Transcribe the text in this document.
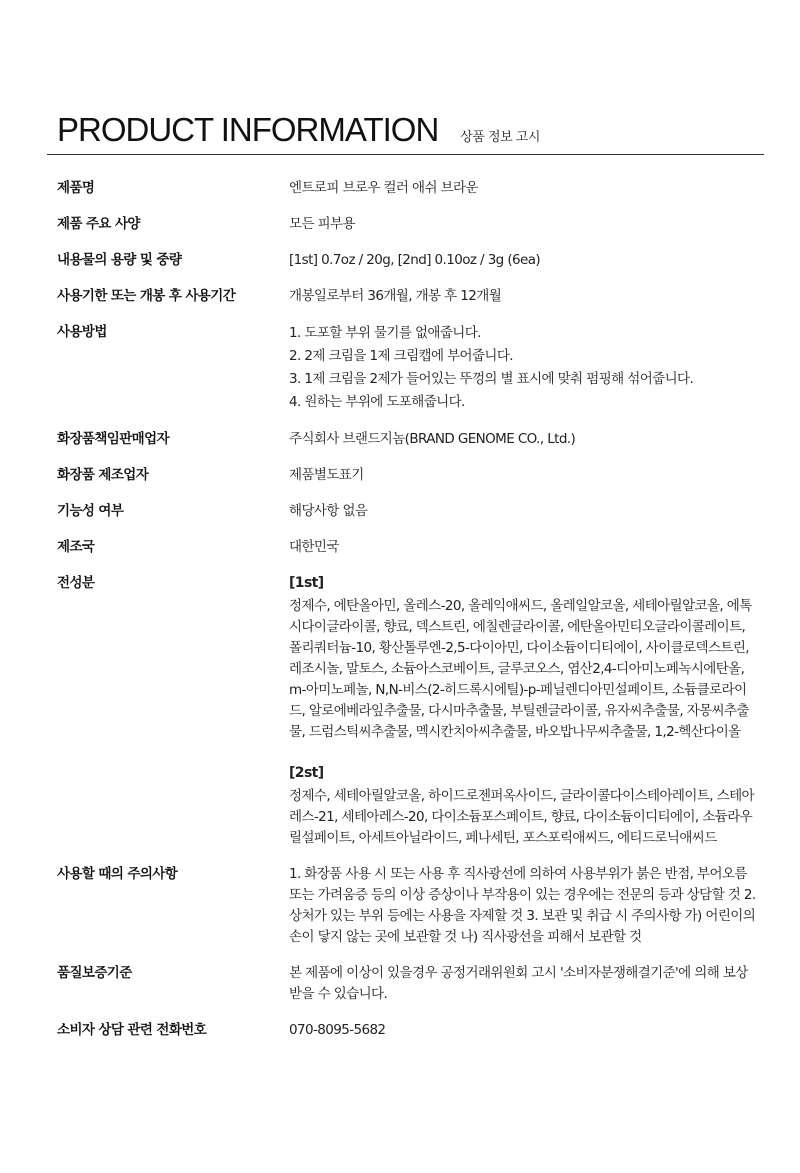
PRODUCT INFORMATION 상품 정보 고시
제품명	엔트로피 브로우 컬러 애쉬 브라운
제품 주요 사양	모든 피부용
내용물의 용량 및 중량	[1st] 0.7oz / 20g, [2nd] 0.10oz / 3g (6ea)
사용기한 또는 개봉 후 사용기간	개봉일로부터 36개월, 개봉 후 12개월
사용방법	1. 도포할 부위 물기를 없애줍니다.
2. 2제 크림을 1제 크림캡에 부어줍니다.
3. 1제 크림을 2제가 들어있는 뚜껑의 별 표시에 맞춰 펌핑해 섞어줍니다.
4. 원하는 부위에 도포해줍니다.
화장품책임판매업자	주식회사 브랜드지놈(BRAND GENOME CO., Ltd.)
화장품 제조업자	제품별도표기
기능성 여부	해당사항 없음
제조국	대한민국
전성분	[1st]
정제수, 에탄올아민, 올레스-20, 올레익애씨드, 올레일알코올, 세테아릴알코올, 에톡시다이글라이콜, 향료, 덱스트린, 에칠렌글라이콜, 에탄올아민티오글라이콜레이트, 폴리쿼터늄-10, 황산톨루엔-2,5-다이아민, 다이소듐이디티에이, 사이클로덱스트린, 레조시놀, 말토스, 소듐아스코베이트, 글루코오스, 염산2,4-디아미노페녹시에탄올, m-아미노페놀, N,N-비스(2-히드록시에틸)-p-페닐렌디아민설페이트, 소듐클로라이드, 알로에베라잎추출물, 다시마추출물, 부틸렌글라이콜, 유자씨추출물, 자몽씨추출물, 드럼스틱씨추출물, 멕시칸치아씨추출물, 바오밥나무씨추출물, 1,2-헥산다이올
[2st]
정제수, 세테아릴알코올, 하이드로젠퍼옥사이드, 글라이콜다이스테아레이트, 스테아레스-21, 세테아레스-20, 다이소듐포스페이트, 향료, 다이소듐이디티에이, 소듐라우릴설페이트, 아세트아닐라이드, 페나세틴, 포스포릭애씨드, 에티드로닉애씨드
사용할 때의 주의사항	1. 화장품 사용 시 또는 사용 후 직사광선에 의하여 사용부위가 붉은 반점, 부어오름 또는 가려움증 등의 이상 증상이나 부작용이 있는 경우에는 전문의 등과 상담할 것 2. 상처가 있는 부위 등에는 사용을 자제할 것 3. 보관 및 취급 시 주의사항 가) 어린이의 손이 닿지 않는 곳에 보관할 것 나) 직사광선을 피해서 보관할 것
품질보증기준	본 제품에 이상이 있을경우 공정거래위원회 고시 '소비자분쟁해결기준'에 의해 보상받을 수 있습니다.
소비자 상담 관련 전화번호	070-8095-5682
